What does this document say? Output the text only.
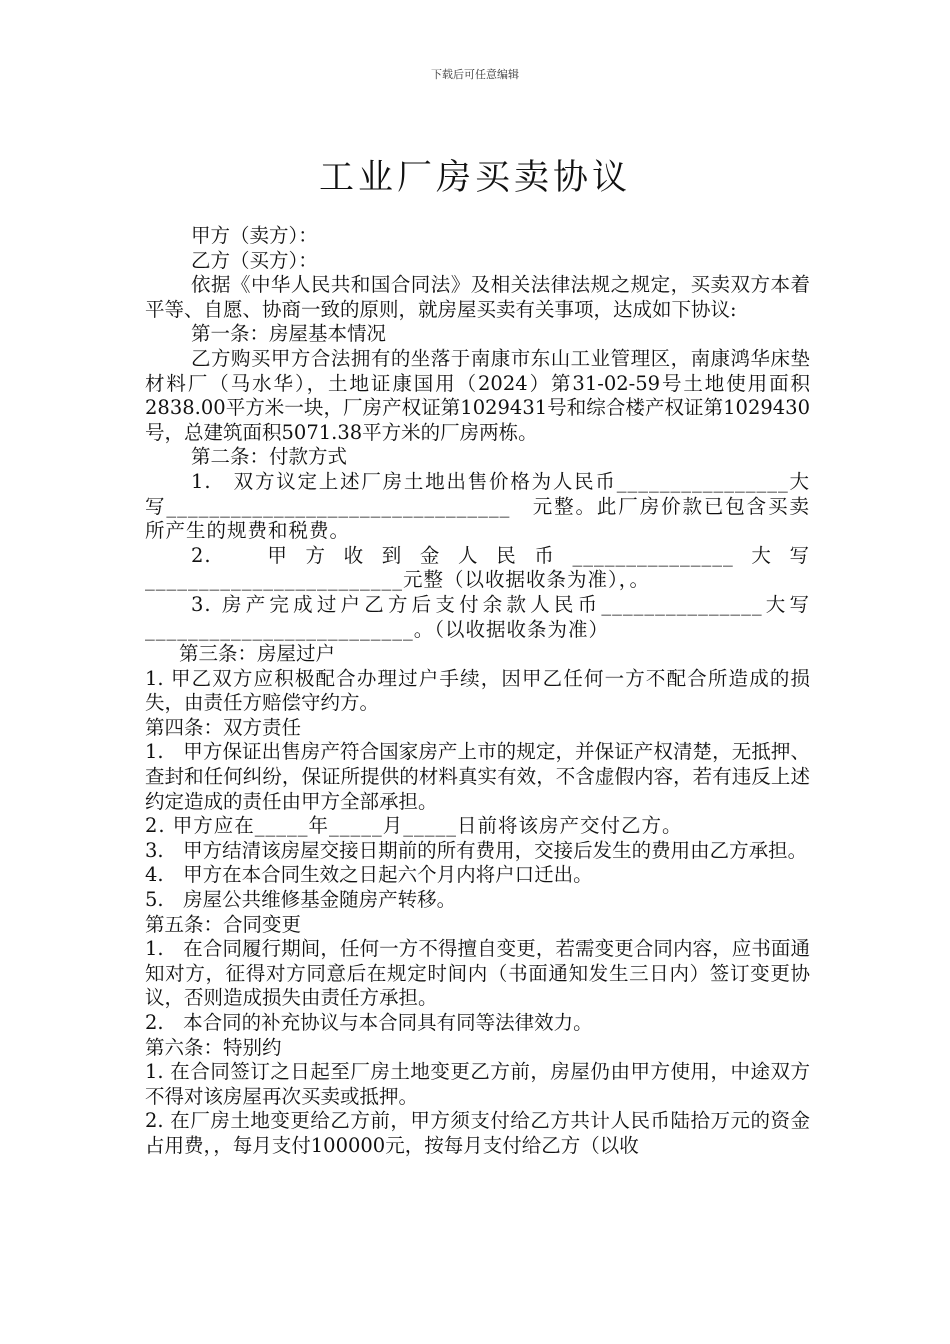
下载后可任意编辑
工业厂房买卖协议

甲方（卖方）：

乙方（买方）：

依据《中华人民共和国合同法》及相关法律法规之规定，买卖双方本着平等、自愿、协商一致的原则，就房屋买卖有关事项，达成如下协议:

第一条：房屋基本情况

乙方购买甲方合法拥有的坐落于南康市东山工业管理区，南康鸿华床垫材料厂（马水华），土地证康国用（2024）第31-02-59号土地使用面积2838.00平方米一块，厂房产权证第1029431号和综合楼产权证第1029430号，总建筑面积5071.38平方米的厂房两栋。

第二条：付款方式

1.　双方议定上述厂房土地出售价格为人民币________________大写________________________________　元整。此厂房价款已包含买卖所产生的规费和税费。

2.　甲方收到金人民币_______________大写________________________元整（以收据收条为准），。

3. 房产完成过户乙方后支付余款人民币_______________大写_________________________。（以收据收条为准）

第三条：房屋过户

1. 甲乙双方应积极配合办理过户手续，因甲乙任何一方不配合所造成的损失，由责任方赔偿守约方。

第四条：双方责任

1.　甲方保证出售房产符合国家房产上市的规定，并保证产权清楚，无抵押、查封和任何纠纷，保证所提供的材料真实有效，不含虚假内容，若有违反上述约定造成的责任由甲方全部承担。

2. 甲方应在_____年_____月_____日前将该房产交付乙方。

3.　甲方结清该房屋交接日期前的所有费用，交接后发生的费用由乙方承担。

4.　甲方在本合同生效之日起六个月内将户口迁出。

5.　房屋公共维修基金随房产转移。

第五条：合同变更

1.　在合同履行期间，任何一方不得擅自变更，若需变更合同内容，应书面通知对方，征得对方同意后在规定时间内（书面通知发生三日内）签订变更协议，否则造成损失由责任方承担。

2.　本合同的补充协议与本合同具有同等法律效力。

第六条：特别约

1. 在合同签订之日起至厂房土地变更乙方前，房屋仍由甲方使用，中途双方不得对该房屋再次买卖或抵押。

2. 在厂房土地变更给乙方前，甲方须支付给乙方共计人民币陆拾万元的资金占用费，，每月支付100000元，按每月支付给乙方（以收
